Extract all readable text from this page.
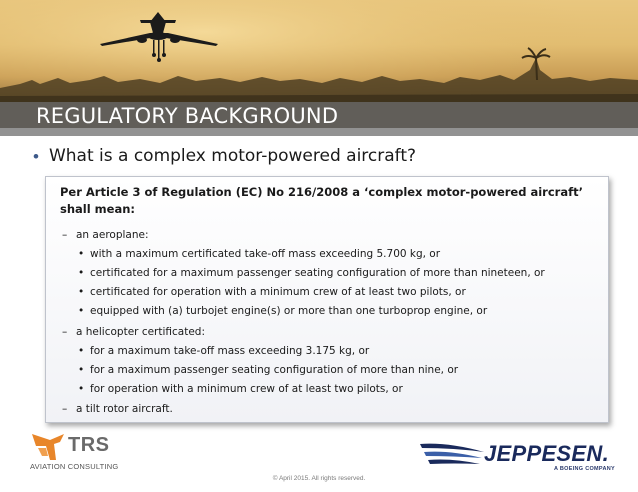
REGULATORY BACKGROUND
• What is a complex motor-powered aircraft?
Per Article 3 of Regulation (EC) No 216/2008 a ‘complex motor-powered aircraft’ shall mean:
– an aeroplane:
• with a maximum certificated take-off mass exceeding 5.700 kg, or
• certificated for a maximum passenger seating configuration of more than nineteen, or
• certificated for operation with a minimum crew of at least two pilots, or
• equipped with (a) turbojet engine(s) or more than one turboprop engine, or
– a helicopter certificated:
• for a maximum take-off mass exceeding 3.175 kg, or
• for a maximum passenger seating configuration of more than nine, or
• for operation with a minimum crew of at least two pilots, or
– a tilt rotor aircraft.
TRS
AVIATION CONSULTING
© April 2015. All rights reserved.
JEPPESEN.
A BOEING COMPANY
